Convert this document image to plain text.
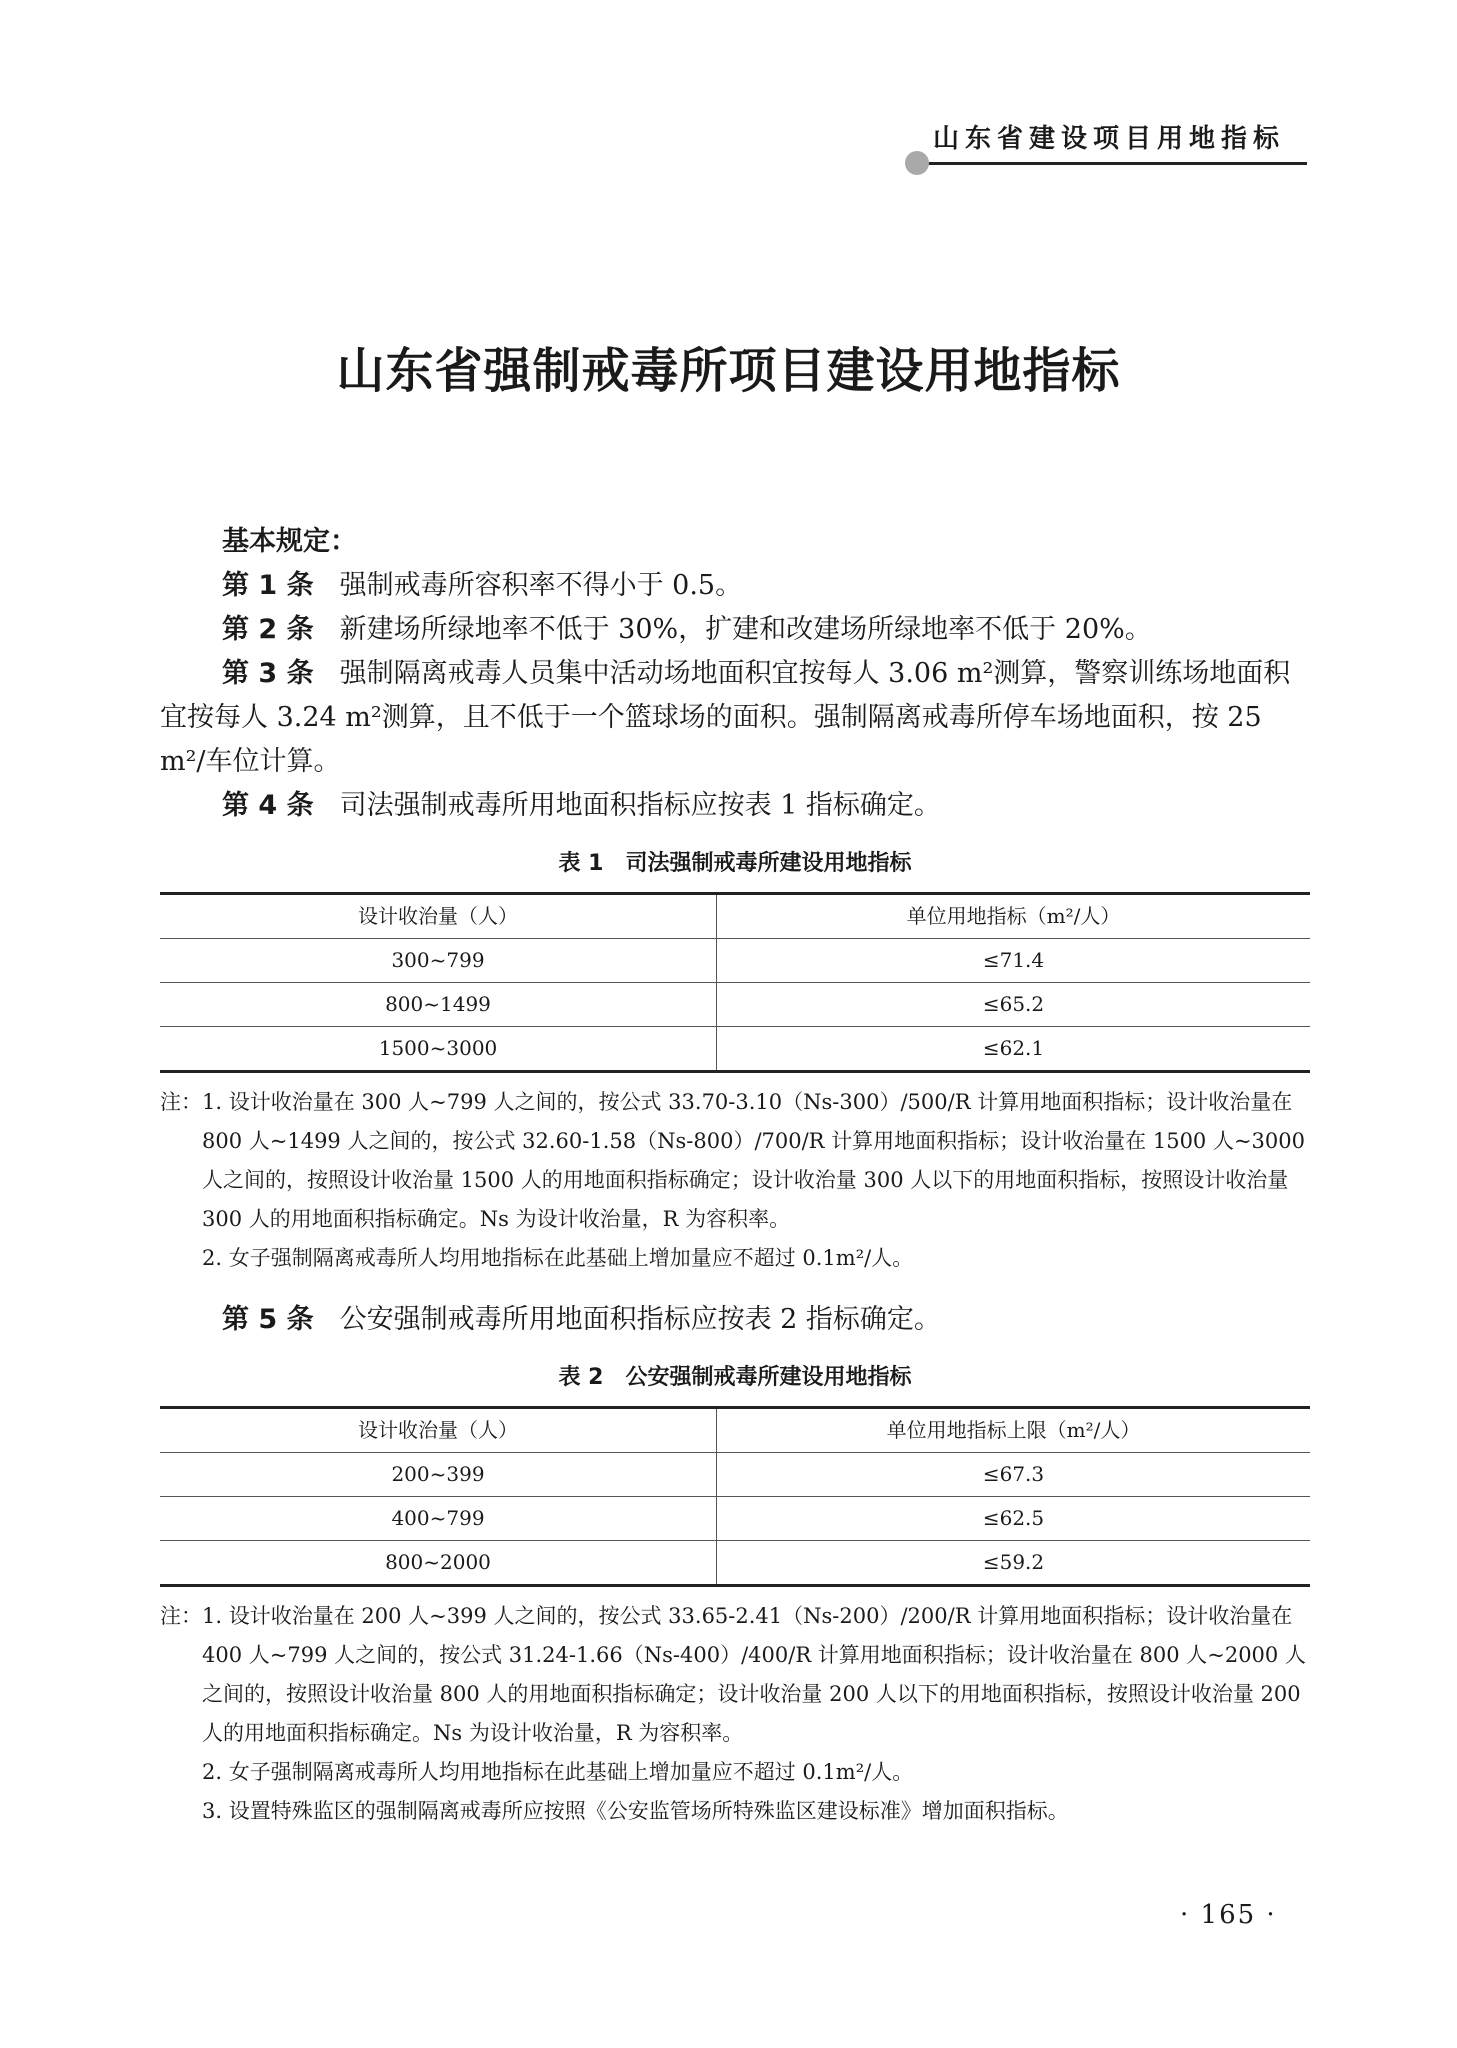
山东省建设项目用地指标
山东省强制戒毒所项目建设用地指标
基本规定：

第 1 条 强制戒毒所容积率不得小于 0.5。

第 2 条 新建场所绿地率不低于 30%，扩建和改建场所绿地率不低于 20%。

第 3 条 强制隔离戒毒人员集中活动场地面积宜按每人 3.06 m²测算，警察训练场地面积宜按每人 3.24 m²测算，且不低于一个篮球场的面积。强制隔离戒毒所停车场地面积，按 25 m²/车位计算。

第 4 条 司法强制戒毒所用地面积指标应按表 1 指标确定。

表 1　司法强制戒毒所建设用地指标
设计收治量（人）	单位用地指标（m²/人）
300~799	≤71.4
800~1499	≤65.2
1500~3000	≤62.1
注： 1. 设计收治量在 300 人~799 人之间的，按公式 33.70-3.10（Ns-300）/500/R 计算用地面积指标；设计收治量在 800 人~1499 人之间的，按公式 32.60-1.58（Ns-800）/700/R 计算用地面积指标；设计收治量在 1500 人~3000 人之间的，按照设计收治量 1500 人的用地面积指标确定；设计收治量 300 人以下的用地面积指标，按照设计收治量 300 人的用地面积指标确定。Ns 为设计收治量，R 为容积率。
2. 女子强制隔离戒毒所人均用地指标在此基础上增加量应不超过 0.1m²/人。

第 5 条 公安强制戒毒所用地面积指标应按表 2 指标确定。

表 2　公安强制戒毒所建设用地指标
设计收治量（人）	单位用地指标上限（m²/人）
200~399	≤67.3
400~799	≤62.5
800~2000	≤59.2
注： 1. 设计收治量在 200 人~399 人之间的，按公式 33.65-2.41（Ns-200）/200/R 计算用地面积指标；设计收治量在 400 人~799 人之间的，按公式 31.24-1.66（Ns-400）/400/R 计算用地面积指标；设计收治量在 800 人~2000 人之间的，按照设计收治量 800 人的用地面积指标确定；设计收治量 200 人以下的用地面积指标，按照设计收治量 200 人的用地面积指标确定。Ns 为设计收治量，R 为容积率。
2. 女子强制隔离戒毒所人均用地指标在此基础上增加量应不超过 0.1m²/人。
3. 设置特殊监区的强制隔离戒毒所应按照《公安监管场所特殊监区建设标准》增加面积指标。
· 165 ·
